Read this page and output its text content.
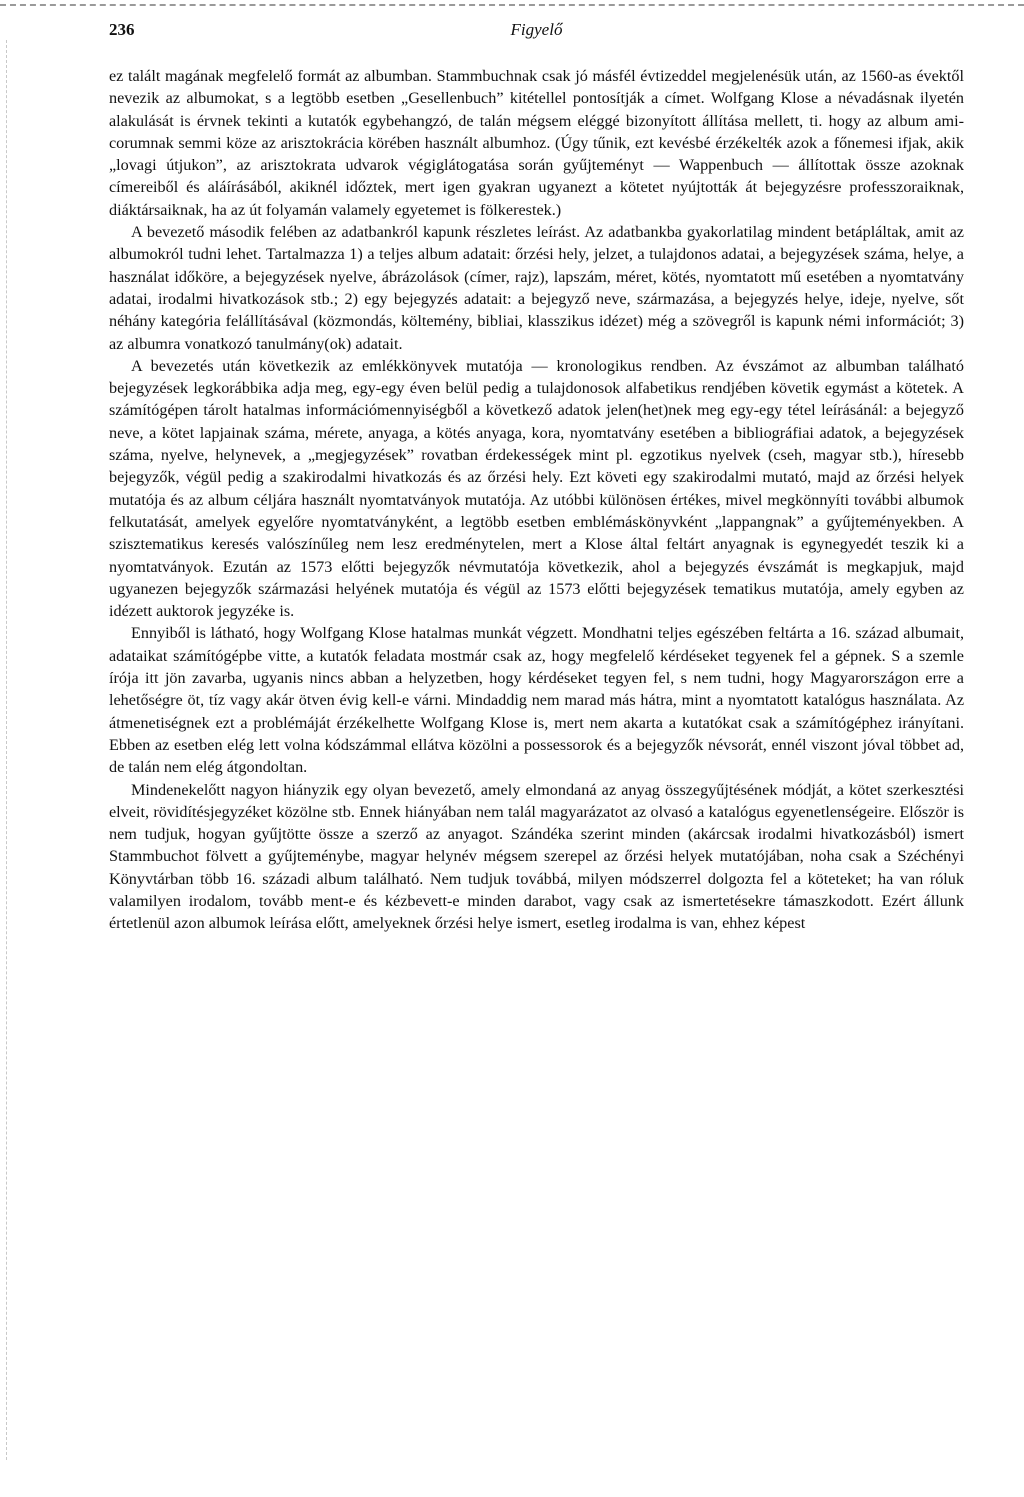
236	Figyelő

ez talált magának megfelelő formát az albumban. Stammbuchnak csak jó másfél évtizeddel megjelenésük után, az 1560-as évektől nevezik az albumokat, s a legtöbb esetben „Gesellenbuch” kitétellel pontosítják a címet. Wolfgang Klose a névadásnak ilyetén alakulását is érvnek tekinti a kutatók egybehangzó, de talán mégsem eléggé bizonyított állítása mellett, ti. hogy az album amicorumnak semmi köze az arisztokrácia körében használt albumhoz. (Úgy tűnik, ezt kevésbé érzékelték azok a főnemesi ifjak, akik „lovagi útjukon”, az arisztokrata udvarok végiglátogatása során gyűjteményt — Wappenbuch — állítottak össze azoknak címereiből és aláírásából, akiknél időztek, mert igen gyakran ugyanezt a kötetet nyújtották át bejegyzésre professzoraiknak, diáktársaiknak, ha az út folyamán valamely egyetemet is fölkerestek.)

A bevezető második felében az adatbankról kapunk részletes leírást. Az adatbankba gyakorlatilag mindent betápláltak, amit az albumokról tudni lehet. Tartalmazza 1) a teljes album adatait: őrzési hely, jelzet, a tulajdonos adatai, a bejegyzések száma, helye, a használat időköre, a bejegyzések nyelve, ábrázolások (címer, rajz), lapszám, méret, kötés, nyomtatott mű esetében a nyomtatvány adatai, irodalmi hivatkozások stb.; 2) egy bejegyzés adatait: a bejegyző neve, származása, a bejegyzés helye, ideje, nyelve, sőt néhány kategória felállításával (közmondás, költemény, bibliai, klasszikus idézet) még a szövegről is kapunk némi információt; 3) az albumra vonatkozó tanulmány(ok) adatait.

A bevezetés után következik az emlékkönyvek mutatója — kronologikus rendben. Az évszámot az albumban található bejegyzések legkorábbika adja meg, egy-egy éven belül pedig a tulajdonosok alfabetikus rendjében követik egymást a kötetek. A számítógépen tárolt hatalmas információmennyiségből a következő adatok jelen(het)nek meg egy-egy tétel leírásánál: a bejegyző neve, a kötet lapjainak száma, mérete, anyaga, a kötés anyaga, kora, nyomtatvány esetében a bibliográfiai adatok, a bejegyzések száma, nyelve, helynevek, a „megjegyzések” rovatban érdekességek mint pl. egzotikus nyelvek (cseh, magyar stb.), híresebb bejegyzők, végül pedig a szakirodalmi hivatkozás és az őrzési hely. Ezt követi egy szakirodalmi mutató, majd az őrzési helyek mutatója és az album céljára használt nyomtatványok mutatója. Az utóbbi különösen értékes, mivel megkönnyíti további albumok felkutatását, amelyek egyelőre nyomtatványként, a legtöbb esetben emblémáskönyvként „lappangnak” a gyűjteményekben. A szisztematikus keresés valószínűleg nem lesz eredménytelen, mert a Klose által feltárt anyagnak is egynegyedét teszik ki a nyomtatványok. Ezután az 1573 előtti bejegyzők névmutatója következik, ahol a bejegyzés évszámát is megkapjuk, majd ugyanezen bejegyzők származási helyének mutatója és végül az 1573 előtti bejegyzések tematikus mutatója, amely egyben az idézett auktorok jegyzéke is.

Ennyiből is látható, hogy Wolfgang Klose hatalmas munkát végzett. Mondhatni teljes egészében feltárta a 16. század albumait, adataikat számítógépbe vitte, a kutatók feladata mostmár csak az, hogy megfelelő kérdéseket tegyenek fel a gépnek. S a szemle írója itt jön zavarba, ugyanis nincs abban a helyzetben, hogy kérdéseket tegyen fel, s nem tudni, hogy Magyarországon erre a lehetőségre öt, tíz vagy akár ötven évig kell-e várni. Mindaddig nem marad más hátra, mint a nyomtatott katalógus használata. Az átmenetiségnek ezt a problémáját érzékelhette Wolfgang Klose is, mert nem akarta a kutatókat csak a számítógéphez irányítani. Ebben az esetben elég lett volna kódszámmal ellátva közölni a possessorok és a bejegyzők névsorát, ennél viszont jóval többet ad, de talán nem elég átgondoltan.

Mindenekelőtt nagyon hiányzik egy olyan bevezető, amely elmondaná az anyag összegyűjtésének módját, a kötet szerkesztési elveit, rövidítésjegyzéket közölne stb. Ennek hiányában nem talál magyarázatot az olvasó a katalógus egyenetlenségeire. Először is nem tudjuk, hogyan gyűjtötte össze a szerző az anyagot. Szándéka szerint minden (akárcsak irodalmi hivatkozásból) ismert Stammbuchot fölvett a gyűjteménybe, magyar helynév mégsem szerepel az őrzési helyek mutatójában, noha csak a Széchényi Könyvtárban több 16. századi album található. Nem tudjuk továbbá, milyen módszerrel dolgozta fel a köteteket; ha van róluk valamilyen irodalom, tovább ment-e és kézbevett-e minden darabot, vagy csak az ismertetésekre támaszkodott. Ezért állunk értetlenül azon albumok leírása előtt, amelyeknek őrzési helye ismert, esetleg irodalma is van, ehhez képest
